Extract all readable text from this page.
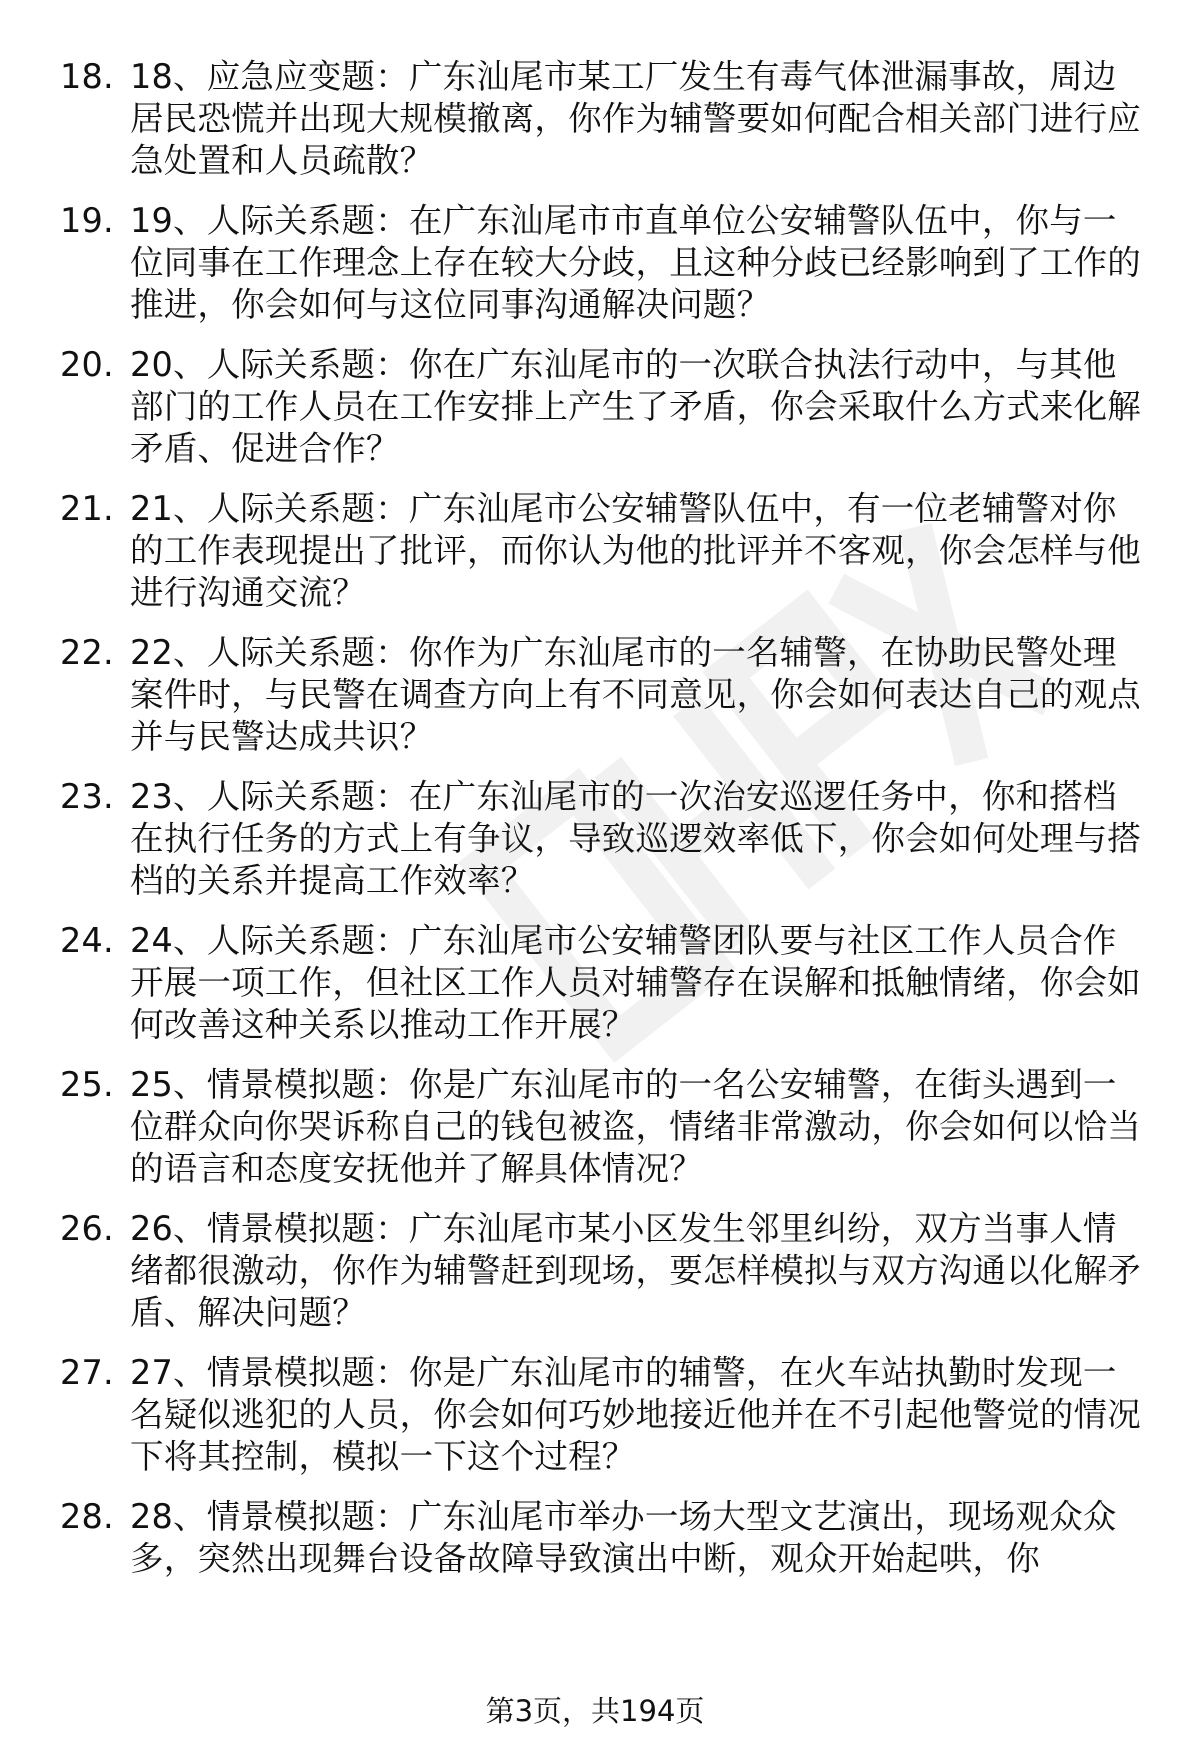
18. 18、应急应变题：广东汕尾市某工厂发生有毒气体泄漏事故，周边居民恐慌并出现大规模撤离，你作为辅警要如何配合相关部门进行应急处置和人员疏散？
19. 19、人际关系题：在广东汕尾市市直单位公安辅警队伍中，你与一位同事在工作理念上存在较大分歧，且这种分歧已经影响到了工作的推进，你会如何与这位同事沟通解决问题？
20. 20、人际关系题：你在广东汕尾市的一次联合执法行动中，与其他部门的工作人员在工作安排上产生了矛盾，你会采取什么方式来化解矛盾、促进合作？
21. 21、人际关系题：广东汕尾市公安辅警队伍中，有一位老辅警对你的工作表现提出了批评，而你认为他的批评并不客观，你会怎样与他进行沟通交流？
22. 22、人际关系题：你作为广东汕尾市的一名辅警，在协助民警处理案件时，与民警在调查方向上有不同意见，你会如何表达自己的观点并与民警达成共识？
23. 23、人际关系题：在广东汕尾市的一次治安巡逻任务中，你和搭档在执行任务的方式上有争议，导致巡逻效率低下，你会如何处理与搭档的关系并提高工作效率？
24. 24、人际关系题：广东汕尾市公安辅警团队要与社区工作人员合作开展一项工作，但社区工作人员对辅警存在误解和抵触情绪，你会如何改善这种关系以推动工作开展？
25. 25、情景模拟题：你是广东汕尾市的一名公安辅警，在街头遇到一位群众向你哭诉称自己的钱包被盗，情绪非常激动，你会如何以恰当的语言和态度安抚他并了解具体情况？
26. 26、情景模拟题：广东汕尾市某小区发生邻里纠纷，双方当事人情绪都很激动，你作为辅警赶到现场，要怎样模拟与双方沟通以化解矛盾、解决问题？
27. 27、情景模拟题：你是广东汕尾市的辅警，在火车站执勤时发现一名疑似逃犯的人员，你会如何巧妙地接近他并在不引起他警觉的情况下将其控制，模拟一下这个过程？
28. 28、情景模拟题：广东汕尾市举办一场大型文艺演出，现场观众众多，突然出现舞台设备故障导致演出中断，观众开始起哄，你
第3页，共194页
